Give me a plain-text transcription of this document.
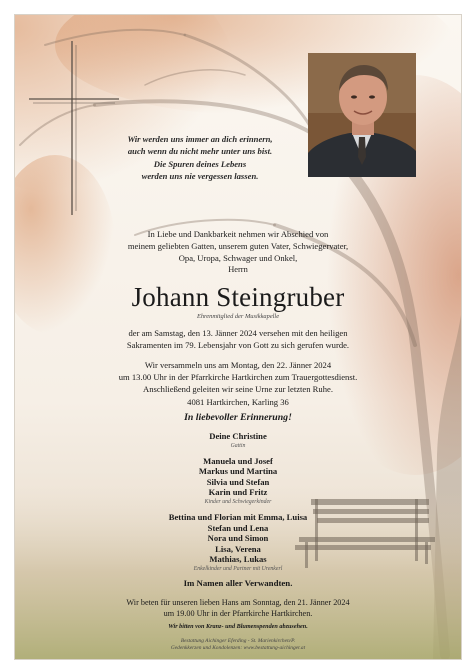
Wir werden uns immer an dich erinnern,
auch wenn du nicht mehr unter uns bist.
Die Spuren deines Lebens
werden uns nie vergessen lassen.
In Liebe und Dankbarkeit nehmen wir Abschied von
meinem geliebten Gatten, unserem guten Vater, Schwiegervater,
Opa, Uropa, Schwager und Onkel,
Herrn
Johann Steingruber
Ehrenmitglied der Musikkapelle
der am Samstag, den 13. Jänner 2024 versehen mit den heiligen
Sakramenten im 79. Lebensjahr von Gott zu sich gerufen wurde.
Wir versammeln uns am Montag, den 22. Jänner 2024
um 13.00 Uhr in der Pfarrkirche Hartkirchen zum Trauergottesdienst.
Anschließend geleiten wir seine Urne zur letzten Ruhe.
4081 Hartkirchen, Karling 36
In liebevoller Erinnerung!
Deine Christine
Gattin
Manuela und Josef
Markus und Martina
Silvia und Stefan
Karin und Fritz
Kinder und Schwiegerkinder
Bettina und Florian mit Emma, Luisa
Stefan und Lena
Nora und Simon
Lisa, Verena
Mathias, Lukas
Enkelkinder und Partner mit Urenkerl
Im Namen aller Verwandten.
Wir beten für unseren lieben Hans am Sonntag, den 21. Jänner 2024
um 19.00 Uhr in der Pfarrkirche Hartkirchen.
Wir bitten von Kranz- und Blumenspenden abzusehen.
Bestattung Aichinger Eferding - St. Marienkirchen/P.
Gedenkkerzen und Kondolenzen: www.bestattung-aichinger.at
